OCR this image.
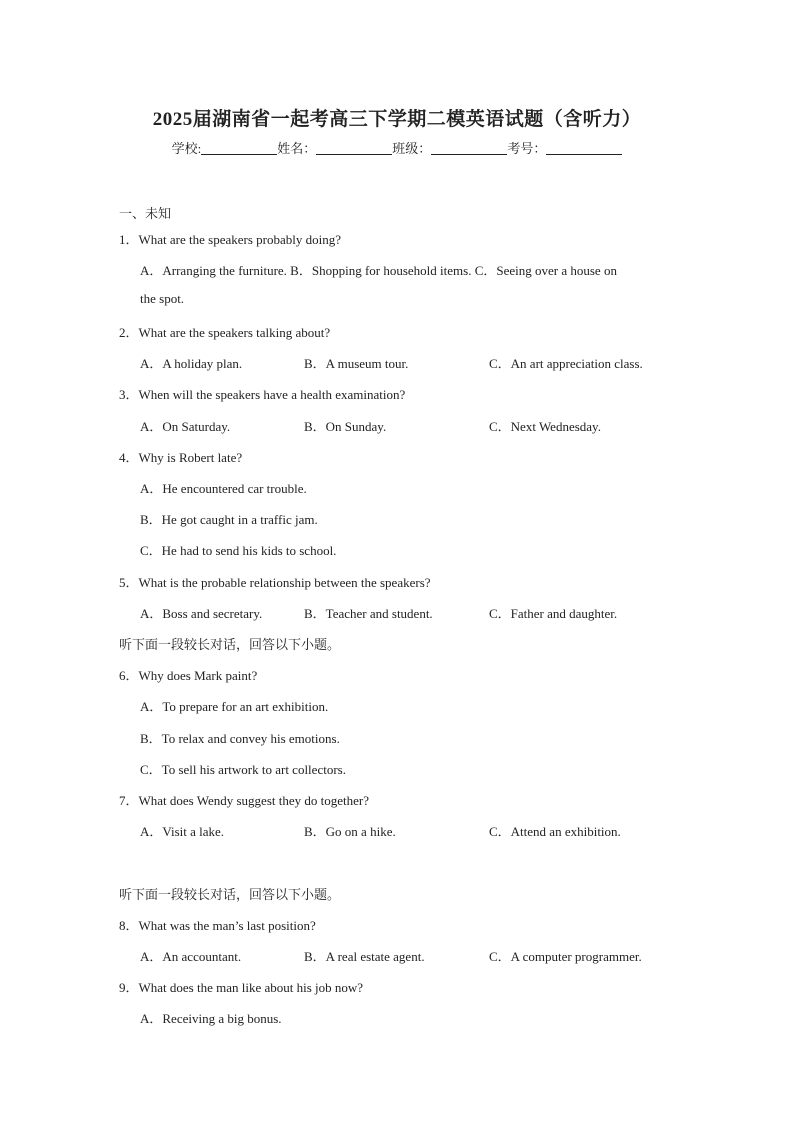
2025届湖南省一起考高三下学期二模英语试题（含听力）
学校:	姓名：	班级：	考号：
一、未知
1．What are the speakers probably doing?
A．Arranging the furniture. B．Shopping for household items. C．Seeing over a house on
the spot.
2．What are the speakers talking about?
A．A holiday plan.	B．A museum tour.	C．An art appreciation class.
3．When will the speakers have a health examination?
A．On Saturday.	B．On Sunday.	C．Next Wednesday.
4．Why is Robert late?
A．He encountered car trouble.
B．He got caught in a traffic jam.
C．He had to send his kids to school.
5．What is the probable relationship between the speakers?
A．Boss and secretary.	B．Teacher and student.	C．Father and daughter.
听下面一段较长对话，回答以下小题。
6．Why does Mark paint?
A．To prepare for an art exhibition.
B．To relax and convey his emotions.
C．To sell his artwork to art collectors.
7．What does Wendy suggest they do together?
A．Visit a lake.	B．Go on a hike.	C．Attend an exhibition.
听下面一段较长对话，回答以下小题。
8．What was the man’s last position?
A．An accountant.	B．A real estate agent.	C．A computer programmer.
9．What does the man like about his job now?
A．Receiving a big bonus.
